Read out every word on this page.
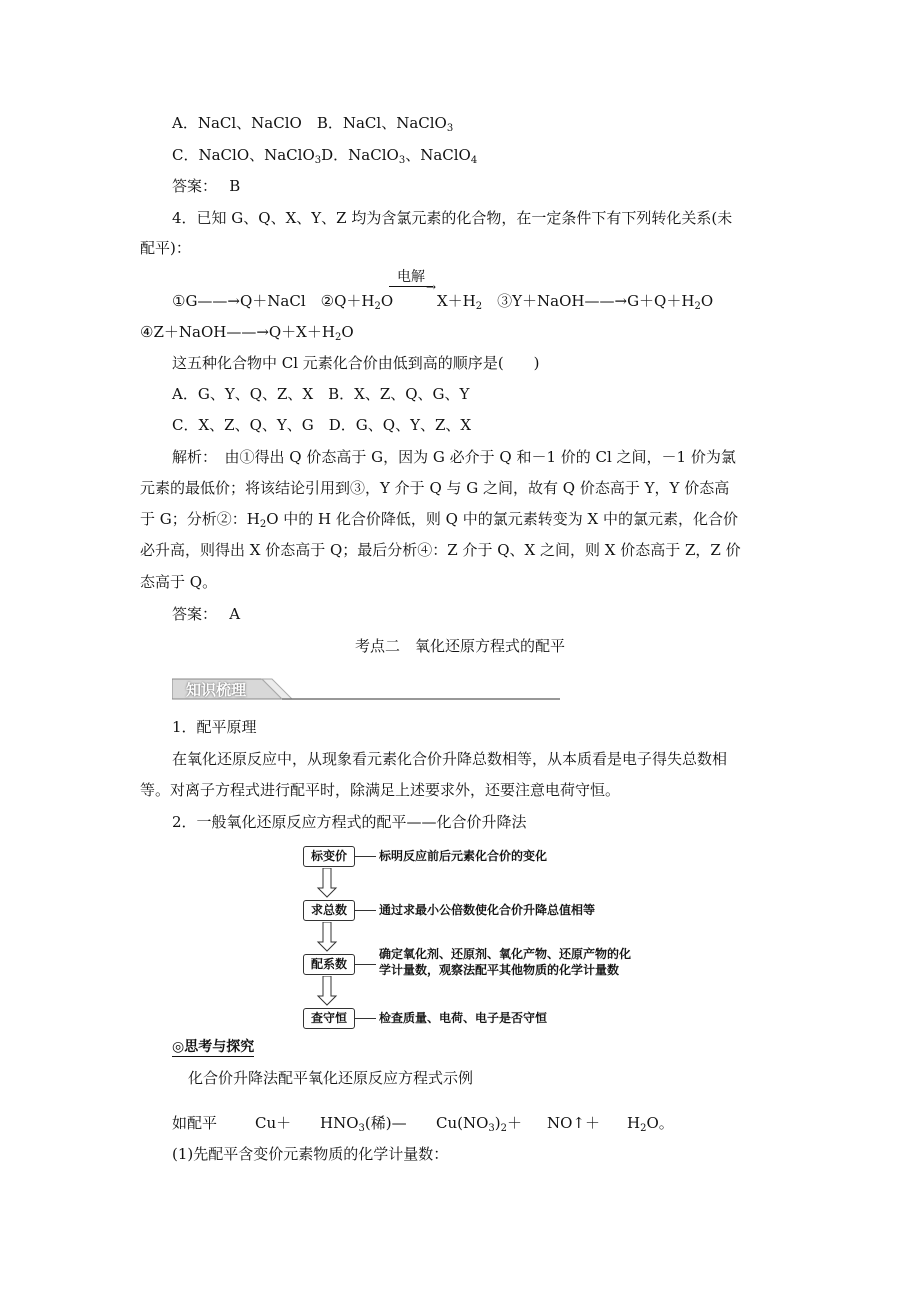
A．NaCl、NaClO　 B．NaCl、NaClO$_3$
C．NaClO、NaClO$_3$D．NaClO$_3$、NaClO$_4$
答案：　 B
4．已知 G、Q、X、Y、Z 均为含氯元素的化合物，在一定条件下有下列转化关系(未
配平)：
电解
→
①G——→Q＋NaCl　 $②Q+H_2O$	$X+H_2$　 $③Y+NaOH——\to G+Q+H_2O$
$④Z+NaOH——\to Q+X+H_2O$
这五种化合物中 Cl 元素化合价由低到高的顺序是(　　)
A．G、Y、Q、Z、X　B．X、Z、Q、G、Y
C．X、Z、Q、Y、G　D．G、Q、Y、Z、X
解析：　由①得出 Q 价态高于 G，因为 G 必介于 Q 和－1 价的 Cl 之间，－1 价为氯
元素的最低价；将该结论引用到③，Y 介于 Q 与 G 之间，故有 Q 价态高于 Y，Y 价态高
于 G；分析②：$H_2O$ 中的 H 化合价降低，则 Q 中的氯元素转变为 X 中的氯元素，化合价
必升高，则得出 X 价态高于 Q；最后分析④：Z 介于 Q、X 之间，则 X 价态高于 Z，Z 价
态高于 Q。
答案：　 A
考点二　氧化还原方程式的配平
知识梳理
1．配平原理
在氧化还原反应中，从现象看元素化合价升降总数相等，从本质看是电子得失总数相
等。对离子方程式进行配平时，除满足上述要求外，还要注意电荷守恒。
2．一般氧化还原反应方程式的配平——化合价升降法
标变价	标明反应前后元素化合价的变化
求总数	通过求最小公倍数使化合价升降总值相等
配系数
确定氧化剂、还原剂、氧化产物、还原产物的化
学计量数，观察法配平其他物质的化学计量数
查守恒	检查质量、电荷、电子是否守恒
◎思考与探究
化合价升降法配平氧化还原反应方程式示例
如配平	$Cu+ HNO_3$(稀)— $Cu(NO_3)_2+$ NO↑＋ $H_2O$。
(1)先配平含变价元素物质的化学计量数：
